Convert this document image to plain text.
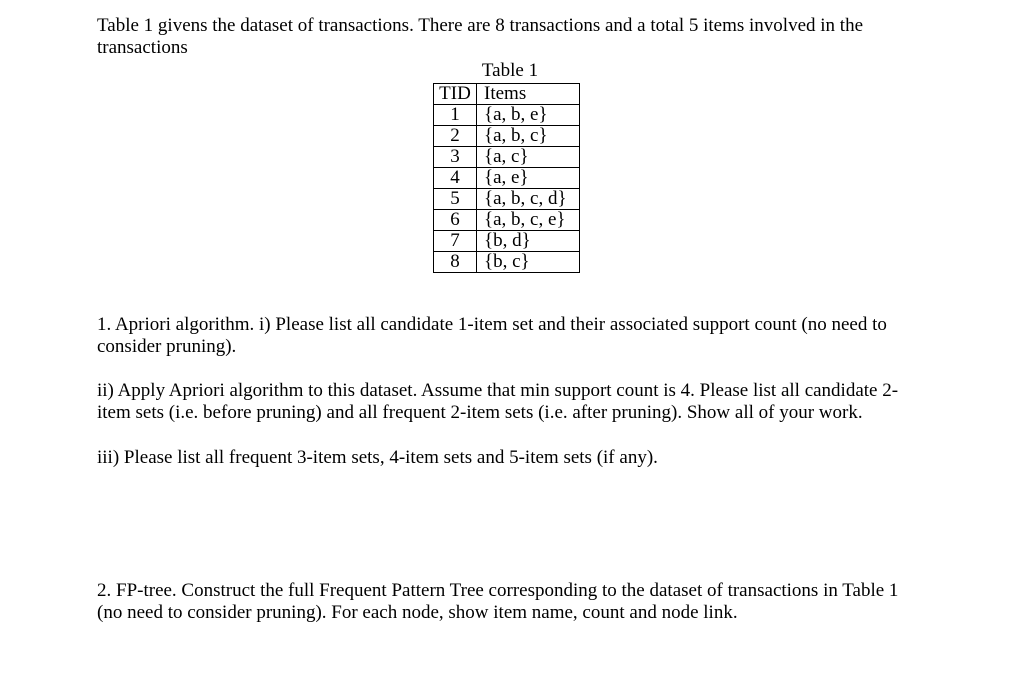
Table 1 givens the dataset of transactions. There are 8 transactions and a total 5 items involved in the transactions

Table 1
TID	Items
1	{a, b, e}
2	{a, b, c}
3	{a, c}
4	{a, e}
5	{a, b, c, d}
6	{a, b, c, e}
7	{b, d}
8	{b, c}

1. Apriori algorithm. i) Please list all candidate 1-item set and their associated support count (no need to consider pruning).

ii) Apply Apriori algorithm to this dataset. Assume that min support count is 4. Please list all candidate 2-item sets (i.e. before pruning) and all frequent 2-item sets (i.e. after pruning). Show all of your work.

iii) Please list all frequent 3-item sets, 4-item sets and 5-item sets (if any).

2. FP-tree. Construct the full Frequent Pattern Tree corresponding to the dataset of transactions in Table 1 (no need to consider pruning). For each node, show item name, count and node link.
